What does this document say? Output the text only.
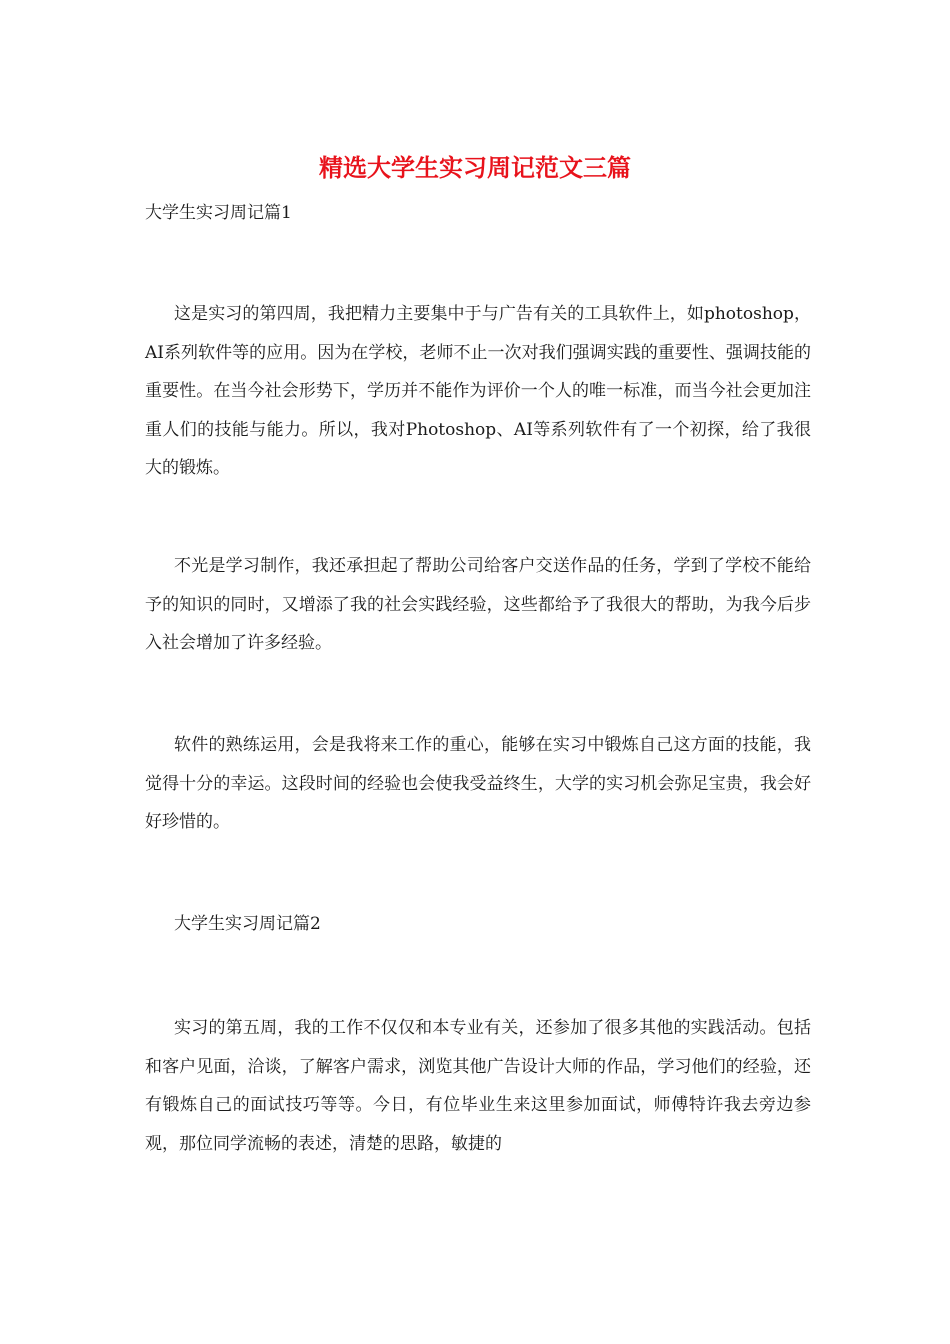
精选大学生实习周记范文三篇

大学生实习周记篇1

这是实习的第四周，我把精力主要集中于与广告有关的工具软件上，如photoshop，AI系列软件等的应用。因为在学校，老师不止一次对我们强调实践的重要性、强调技能的重要性。在当今社会形势下，学历并不能作为评价一个人的唯一标准，而当今社会更加注重人们的技能与能力。所以，我对Photoshop、AI等系列软件有了一个初探，给了我很大的锻炼。

不光是学习制作，我还承担起了帮助公司给客户交送作品的任务，学到了学校不能给予的知识的同时，又增添了我的社会实践经验，这些都给予了我很大的帮助，为我今后步入社会增加了许多经验。

软件的熟练运用，会是我将来工作的重心，能够在实习中锻炼自己这方面的技能，我觉得十分的幸运。这段时间的经验也会使我受益终生，大学的实习机会弥足宝贵，我会好好珍惜的。

大学生实习周记篇2

实习的第五周，我的工作不仅仅和本专业有关，还参加了很多其他的实践活动。包括和客户见面，洽谈，了解客户需求，浏览其他广告设计大师的作品，学习他们的经验，还有锻炼自己的面试技巧等等。今日，有位毕业生来这里参加面试，师傅特许我去旁边参观，那位同学流畅的表述，清楚的思路，敏捷的
